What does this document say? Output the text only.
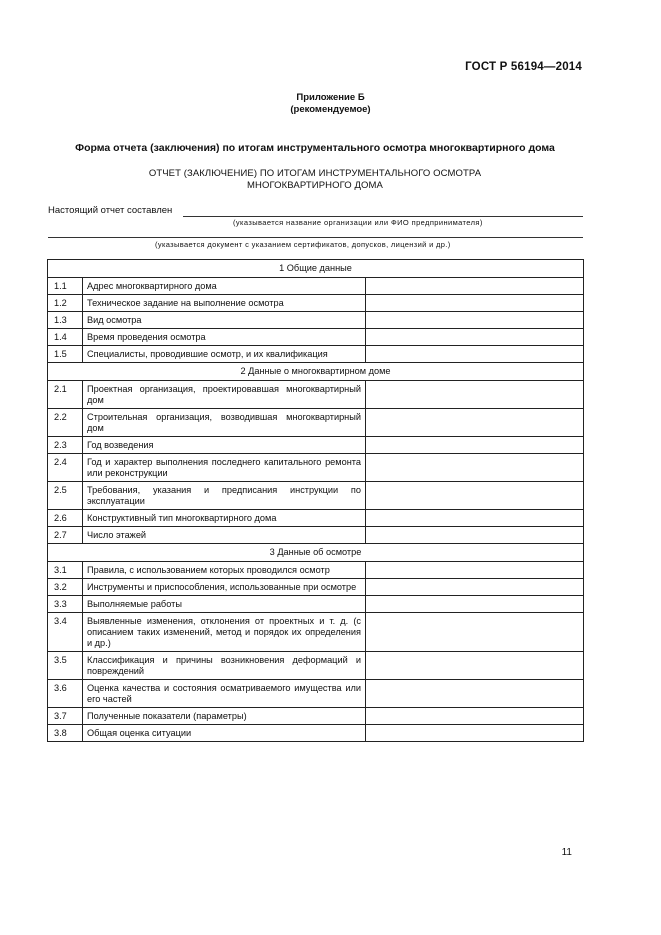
ГОСТ Р 56194—2014
Приложение Б
(рекомендуемое)
Форма отчета (заключения) по итогам инструментального осмотра многоквартирного дома
ОТЧЕТ (ЗАКЛЮЧЕНИЕ) ПО ИТОГАМ ИНСТРУМЕНТАЛЬНОГО ОСМОТРА
МНОГОКВАРТИРНОГО ДОМА
Настоящий отчет составлен
(указывается название организации или ФИО предпринимателя)
(указывается документ с указанием сертификатов, допусков, лицензий и др.)
1 Общие данные		
1.1	Адрес многоквартирного дома	
1.2	Техническое задание на выполнение осмотра	
1.3	Вид осмотра	
1.4	Время проведения осмотра	
1.5	Специалисты, проводившие осмотр, и их квалификация	
2 Данные о многоквартирном доме		
2.1	Проектная организация, проектировавшая многоквартирный дом	
2.2	Строительная организация, возводившая многоквартирный дом	
2.3	Год возведения	
2.4	Год и характер выполнения последнего капитального ремонта или реконструкции	
2.5	Требования, указания и предписания инструкции по эксплуатации	
2.6	Конструктивный тип многоквартирного дома	
2.7	Число этажей	
3 Данные об осмотре		
3.1	Правила, с использованием которых проводился осмотр	
3.2	Инструменты и приспособления, использованные при осмотре	
3.3	Выполняемые работы	
3.4	Выявленные изменения, отклонения от проектных и т. д. (с описанием таких изменений, метод и порядок их определения и др.)	
3.5	Классификация и причины возникновения деформаций и повреждений	
3.6	Оценка качества и состояния осматриваемого имущества или его частей	
3.7	Полученные показатели (параметры)	
3.8	Общая оценка ситуации	
11
